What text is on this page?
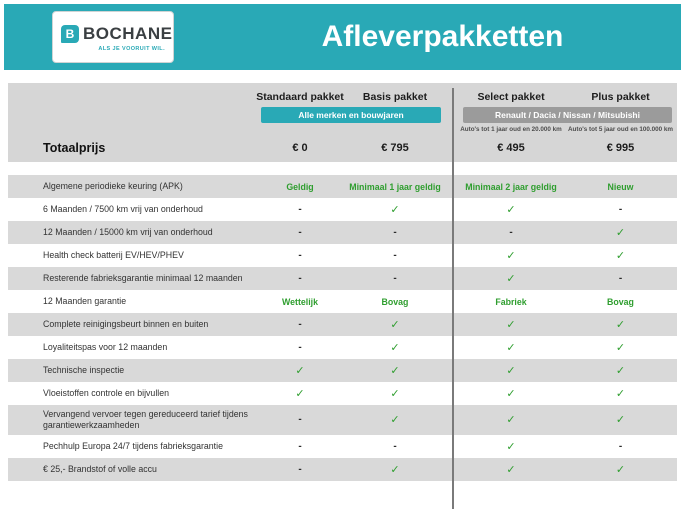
B BOCHANE
ALS JE VOORUIT WIL.	Afleverpakketten
Standaard pakket	Basis pakket	Select pakket	Plus pakket
Alle merken en bouwjaren	Renault / Dacia / Nissan / Mitsubishi
Auto's tot 1 jaar oud en 20.000 km Auto's tot 5 jaar oud en 100.000 km
Totaalprijs	€ 0	€ 795	€ 495	€ 995
Algemene periodieke keuring (APK)	Geldig	Minimaal 1 jaar geldig	Minimaal 2 jaar geldig	Nieuw
6 Maanden / 7500 km vrij van onderhoud	-	✓	✓	-
12 Maanden / 15000 km vrij van onderhoud	-	-	-	✓
Health check batterij EV/HEV/PHEV	-	-	✓	✓
Resterende fabrieksgarantie minimaal 12 maanden	-	-	✓	-
12 Maanden garantie	Wettelijk	Bovag	Fabriek	Bovag
Complete reinigingsbeurt binnen en buiten	-	✓	✓	✓
Loyaliteitspas voor 12 maanden	-	✓	✓	✓
Technische inspectie	✓	✓	✓	✓
Vloeistoffen controle en bijvullen	✓	✓	✓	✓
Vervangend vervoer tegen gereduceerd tarief tijdens garantiewerkzaamheden	-	✓	✓	✓
Pechhulp Europa 24/7 tijdens fabrieksgarantie	-	-	✓	-
€ 25,- Brandstof of volle accu	-	✓	✓	✓
